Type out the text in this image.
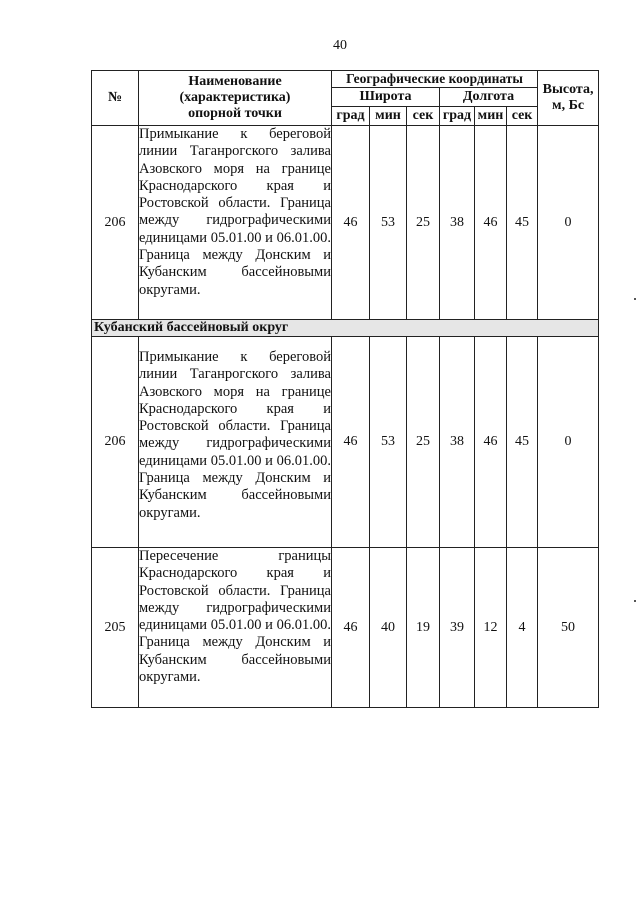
40
№	Наименование (характеристика) опорной точки	Географические координаты						Высота, м, Бс
		Широта			Долгота			
		град	мин	сек	град	мин	сек	
206	Примыкание к береговой линии Таганрогского залива Азовского моря на границе Краснодарского края и Ростовской области. Граница между гидрографическими единицами 05.01.00 и 06.01.00. Граница между Донским и Кубанским бассейновыми округами.	46	53	25	38	46	45	0
Кубанский бассейновый округ								
206	Примыкание к береговой линии Таганрогского залива Азовского моря на границе Краснодарского края и Ростовской области. Граница между гидрографическими единицами 05.01.00 и 06.01.00. Граница между Донским и Кубанским бассейновыми округами.	46	53	25	38	46	45	0
205	Пересечение границы Краснодарского края и Ростовской области. Граница между гидрографическими единицами 05.01.00 и 06.01.00. Граница между Донским и Кубанским бассейновыми округами.	46	40	19	39	12	4	50
